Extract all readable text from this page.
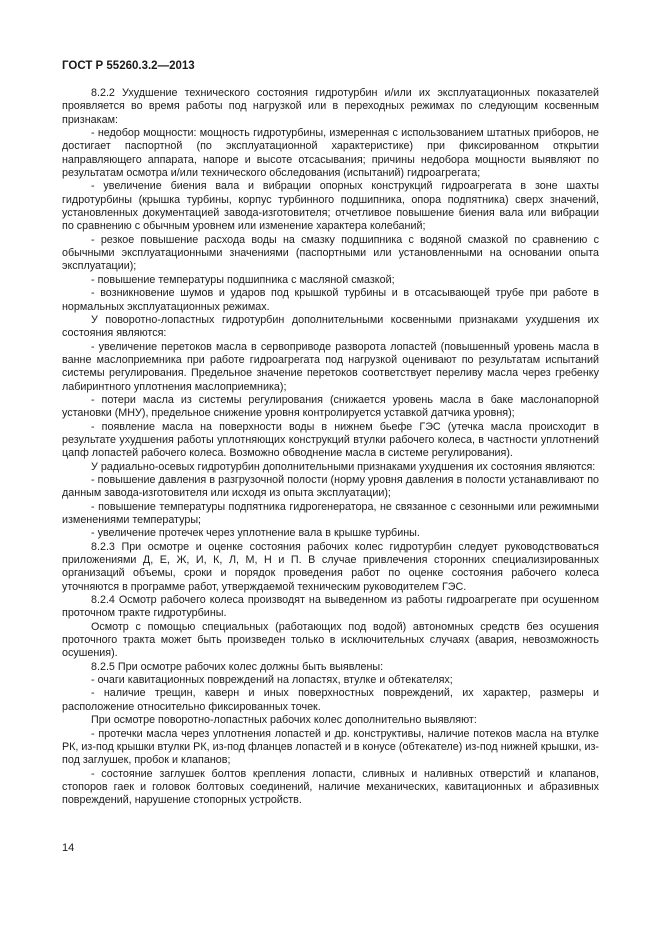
ГОСТ Р 55260.3.2—2013

8.2.2 Ухудшение технического состояния гидротурбин и/или их эксплуатационных показателей проявляется во время работы под нагрузкой или в переходных режимах по следующим косвенным признакам:

- недобор мощности: мощность гидротурбины, измеренная с использованием штатных приборов, не достигает паспортной (по эксплуатационной характеристике) при фиксированном открытии направляющего аппарата, напоре и высоте отсасывания; причины недобора мощности выявляют по результатам осмотра и/или технического обследования (испытаний) гидроагрегата;

- увеличение биения вала и вибрации опорных конструкций гидроагрегата в зоне шахты гидротурбины (крышка турбины, корпус турбинного подшипника, опора подпятника) сверх значений, установленных документацией завода-изготовителя; отчетливое повышение биения вала или вибрации по сравнению с обычным уровнем или изменение характера колебаний;

- резкое повышение расхода воды на смазку подшипника с водяной смазкой по сравнению с обычными эксплуатационными значениями (паспортными или установленными на основании опыта эксплуатации);

- повышение температуры подшипника с масляной смазкой;

- возникновение шумов и ударов под крышкой турбины и в отсасывающей трубе при работе в нормальных эксплуатационных режимах.

У поворотно-лопастных гидротурбин дополнительными косвенными признаками ухудшения их состояния являются:

- увеличение перетоков масла в сервоприводе разворота лопастей (повышенный уровень масла в ванне маслоприемника при работе гидроагрегата под нагрузкой оценивают по результатам испытаний системы регулирования. Предельное значение перетоков соответствует переливу масла через гребенку лабиринтного уплотнения маслоприемника);

- потери масла из системы регулирования (снижается уровень масла в баке маслонапорной установки (МНУ), предельное снижение уровня контролируется уставкой датчика уровня);

- появление масла на поверхности воды в нижнем бьефе ГЭС (утечка масла происходит в результате ухудшения работы уплотняющих конструкций втулки рабочего колеса, в частности уплотнений цапф лопастей рабочего колеса. Возможно обводнение масла в системе регулирования).

У радиально-осевых гидротурбин дополнительными признаками ухудшения их состояния являются:

- повышение давления в разгрузочной полости (норму уровня давления в полости устанавливают по данным завода-изготовителя или исходя из опыта эксплуатации);

- повышение температуры подпятника гидрогенератора, не связанное с сезонными или режимными изменениями температуры;

- увеличение протечек через уплотнение вала в крышке турбины.

8.2.3 При осмотре и оценке состояния рабочих колес гидротурбин следует руководствоваться приложениями Д, Е, Ж, И, К, Л, М, Н и П. В случае привлечения сторонних специализированных организаций объемы, сроки и порядок проведения работ по оценке состояния рабочего колеса уточняются в программе работ, утверждаемой техническим руководителем ГЭС.

8.2.4 Осмотр рабочего колеса производят на выведенном из работы гидроагрегате при осушенном проточном тракте гидротурбины.

Осмотр с помощью специальных (работающих под водой) автономных средств без осушения проточного тракта может быть произведен только в исключительных случаях (авария, невозможность осушения).

8.2.5 При осмотре рабочих колес должны быть выявлены:

- очаги кавитационных повреждений на лопастях, втулке и обтекателях;

- наличие трещин, каверн и иных поверхностных повреждений, их характер, размеры и расположение относительно фиксированных точек.

При осмотре поворотно-лопастных рабочих колес дополнительно выявляют:

- протечки масла через уплотнения лопастей и др. конструктивы, наличие потеков масла на втулке РК, из-под крышки втулки РК, из-под фланцев лопастей и в конусе (обтекателе) из-под нижней крышки, из-под заглушек, пробок и клапанов;

- состояние заглушек болтов крепления лопасти, сливных и наливных отверстий и клапанов, стопоров гаек и головок болтовых соединений, наличие механических, кавитационных и абразивных повреждений, нарушение стопорных устройств.

14
